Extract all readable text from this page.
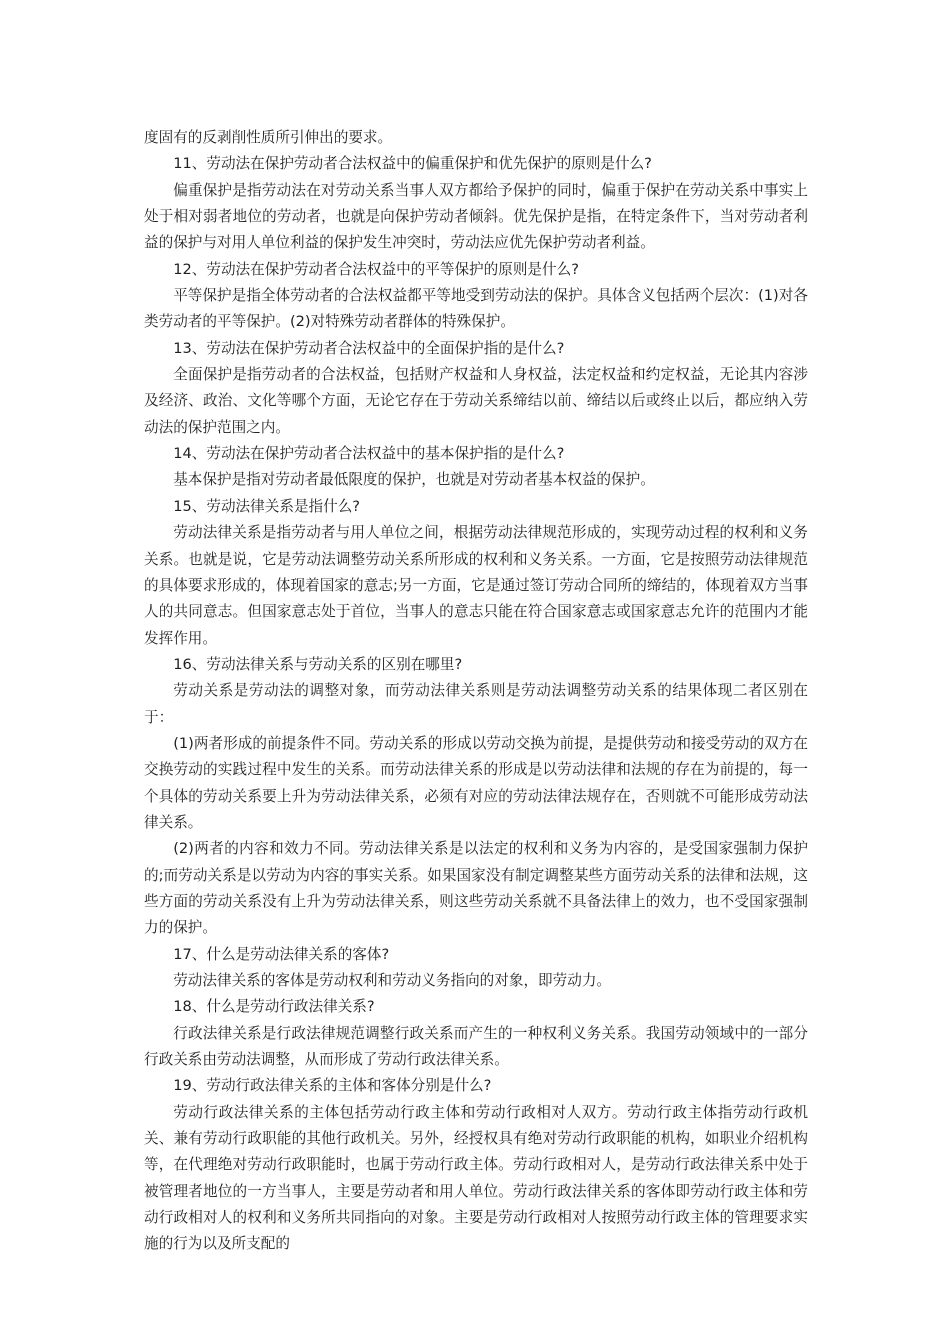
度固有的反剥削性质所引伸出的要求。

11、劳动法在保护劳动者合法权益中的偏重保护和优先保护的原则是什么?

偏重保护是指劳动法在对劳动关系当事人双方都给予保护的同时，偏重于保护在劳动关系中事实上处于相对弱者地位的劳动者，也就是向保护劳动者倾斜。优先保护是指，在特定条件下，当对劳动者利益的保护与对用人单位利益的保护发生冲突时，劳动法应优先保护劳动者利益。

12、劳动法在保护劳动者合法权益中的平等保护的原则是什么?

平等保护是指全体劳动者的合法权益都平等地受到劳动法的保护。具体含义包括两个层次：(1)对各类劳动者的平等保护。(2)对特殊劳动者群体的特殊保护。

13、劳动法在保护劳动者合法权益中的全面保护指的是什么?

全面保护是指劳动者的合法权益，包括财产权益和人身权益，法定权益和约定权益，无论其内容涉及经济、政治、文化等哪个方面，无论它存在于劳动关系缔结以前、缔结以后或终止以后，都应纳入劳动法的保护范围之内。

14、劳动法在保护劳动者合法权益中的基本保护指的是什么?

基本保护是指对劳动者最低限度的保护，也就是对劳动者基本权益的保护。

15、劳动法律关系是指什么?

劳动法律关系是指劳动者与用人单位之间，根据劳动法律规范形成的，实现劳动过程的权利和义务关系。也就是说，它是劳动法调整劳动关系所形成的权利和义务关系。一方面，它是按照劳动法律规范的具体要求形成的，体现着国家的意志;另一方面，它是通过签订劳动合同所的缔结的，体现着双方当事人的共同意志。但国家意志处于首位，当事人的意志只能在符合国家意志或国家意志允许的范围内才能发挥作用。

16、劳动法律关系与劳动关系的区别在哪里?

劳动关系是劳动法的调整对象，而劳动法律关系则是劳动法调整劳动关系的结果体现二者区别在于：

(1)两者形成的前提条件不同。劳动关系的形成以劳动交换为前提，是提供劳动和接受劳动的双方在交换劳动的实践过程中发生的关系。而劳动法律关系的形成是以劳动法律和法规的存在为前提的，每一个具体的劳动关系要上升为劳动法律关系，必须有对应的劳动法律法规存在，否则就不可能形成劳动法律关系。

(2)两者的内容和效力不同。劳动法律关系是以法定的权利和义务为内容的，是受国家强制力保护的;而劳动关系是以劳动为内容的事实关系。如果国家没有制定调整某些方面劳动关系的法律和法规，这些方面的劳动关系没有上升为劳动法律关系，则这些劳动关系就不具备法律上的效力，也不受国家强制力的保护。

17、什么是劳动法律关系的客体?

劳动法律关系的客体是劳动权利和劳动义务指向的对象，即劳动力。

18、什么是劳动行政法律关系?

行政法律关系是行政法律规范调整行政关系而产生的一种权利义务关系。我国劳动领域中的一部分行政关系由劳动法调整，从而形成了劳动行政法律关系。

19、劳动行政法律关系的主体和客体分别是什么?

劳动行政法律关系的主体包括劳动行政主体和劳动行政相对人双方。劳动行政主体指劳动行政机关、兼有劳动行政职能的其他行政机关。另外，经授权具有绝对劳动行政职能的机构，如职业介绍机构等，在代理绝对劳动行政职能时，也属于劳动行政主体。劳动行政相对人，是劳动行政法律关系中处于被管理者地位的一方当事人，主要是劳动者和用人单位。劳动行政法律关系的客体即劳动行政主体和劳动行政相对人的权利和义务所共同指向的对象。主要是劳动行政相对人按照劳动行政主体的管理要求实施的行为以及所支配的
